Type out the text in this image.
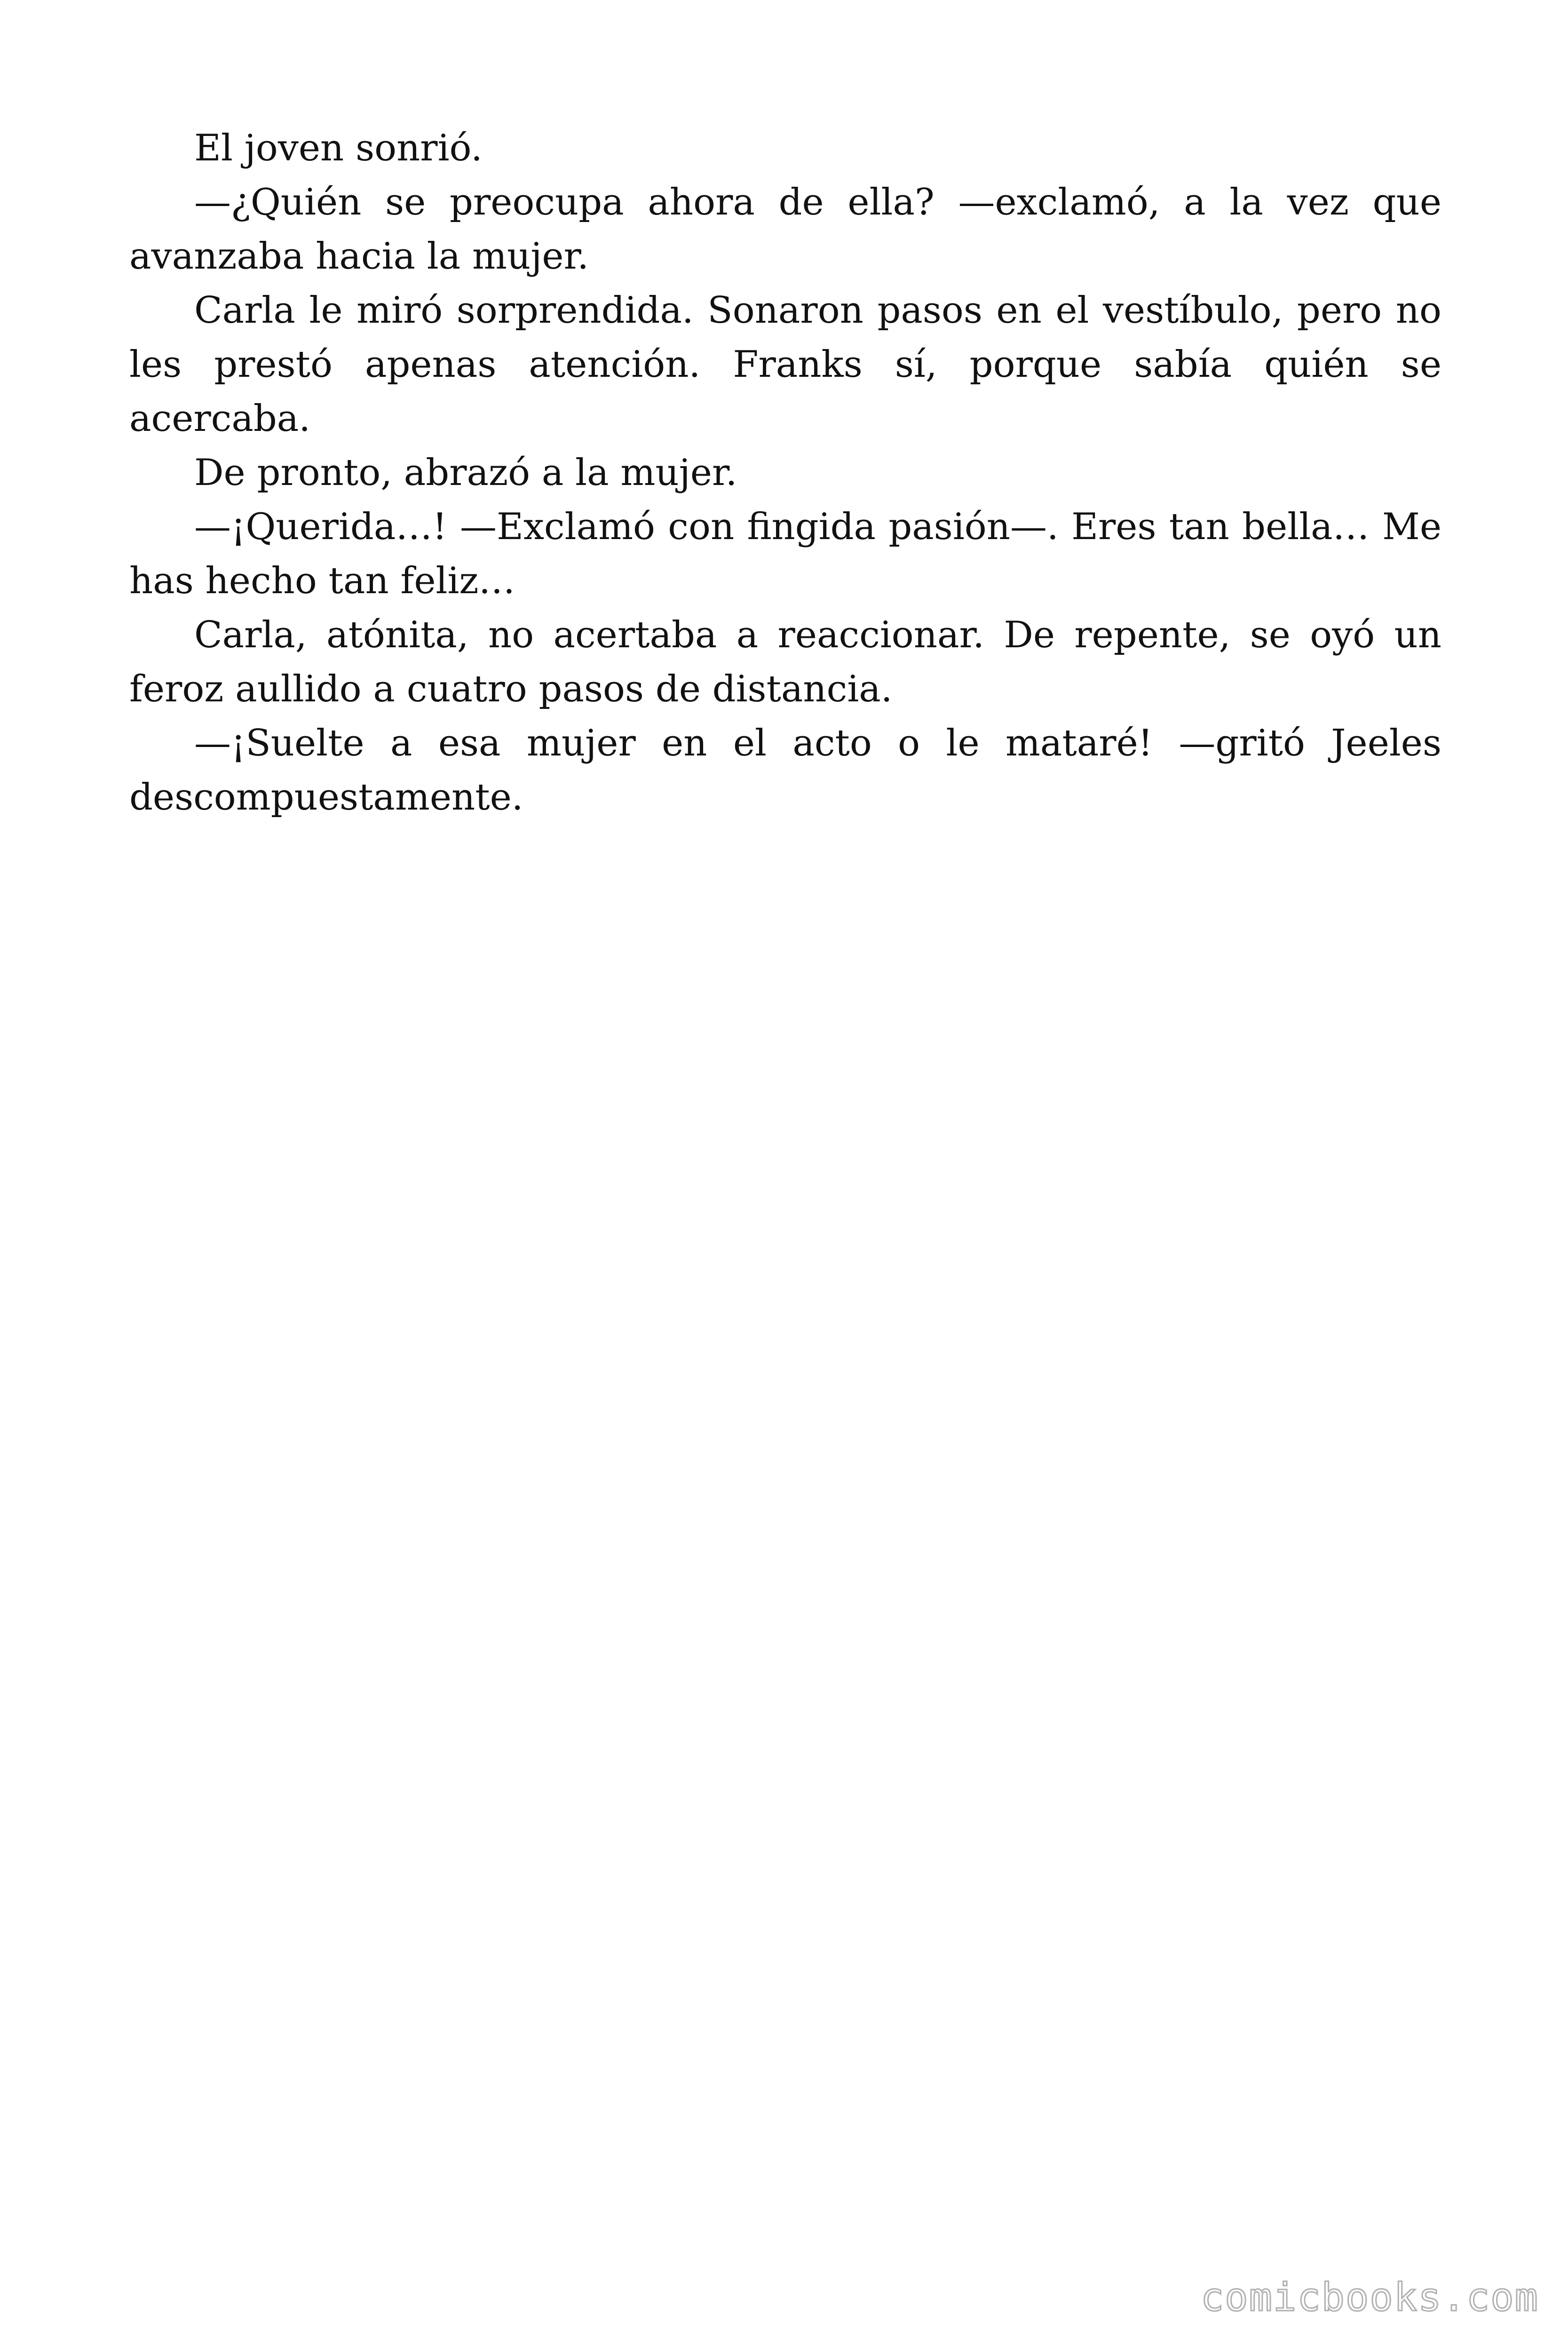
El joven sonrió.

—¿Quién se preocupa ahora de ella? —exclamó, a la vez que avanzaba hacia la mujer.

Carla le miró sorprendida. Sonaron pasos en el vestíbulo, pero no les prestó apenas atención. Franks sí, porque sabía quién se acercaba.

De pronto, abrazó a la mujer.

—¡Querida…! —Exclamó con fingida pasión—. Eres tan bella… Me has hecho tan feliz…

Carla, atónita, no acertaba a reaccionar. De repente, se oyó un feroz aullido a cuatro pasos de distancia.

—¡Suelte a esa mujer en el acto o le mataré! —gritó Jeeles descompuestamente.

comicbooks.com
